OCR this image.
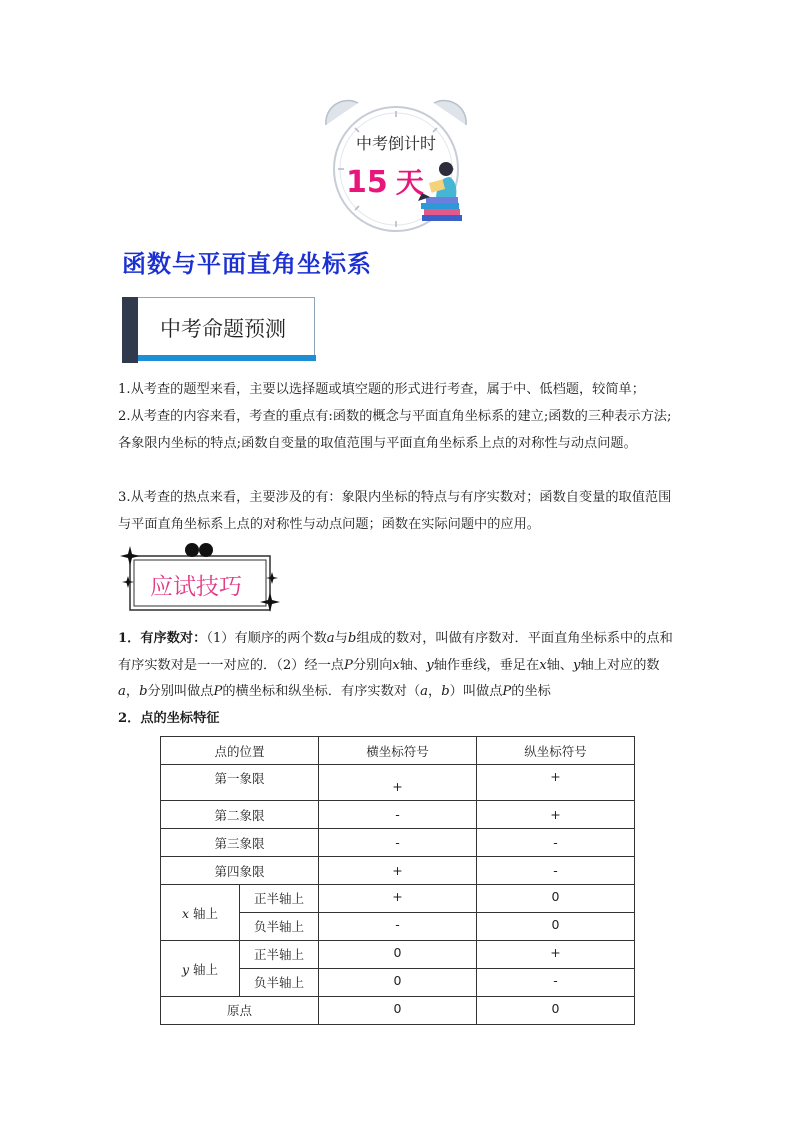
中考倒计时
15 天
函数与平面直角坐标系
中考命题预测
1.从考查的题型来看，主要以选择题或填空题的形式进行考查，属于中、低档题，较简单；
2.从考查的内容来看，考查的重点有:函数的概念与平面直角坐标系的建立;函数的三种表示方法;各象限内坐标的特点;函数自变量的取值范围与平面直角坐标系上点的对称性与动点问题。
3.从考查的热点来看，主要涉及的有：象限内坐标的特点与有序实数对；函数自变量的取值范围与平面直角坐标系上点的对称性与动点问题；函数在实际问题中的应用。
应试技巧
1．有序数对：（1）有顺序的两个数a与b组成的数对，叫做有序数对．平面直角坐标系中的点和有序实数对是一一对应的．（2）经一点P分别向x轴、y轴作垂线，垂足在x轴、y轴上对应的数a，b分别叫做点P的横坐标和纵坐标．有序实数对（a，b）叫做点P的坐标
2．点的坐标特征
点的位置		横坐标符号	纵坐标符号
第一象限		+	+
第二象限		-	+
第三象限		-	-
第四象限		+	-
x 轴上	正半轴上	+	0
	负半轴上	-	0
y 轴上	正半轴上	0	+
	负半轴上	0	-
原点		0	0
